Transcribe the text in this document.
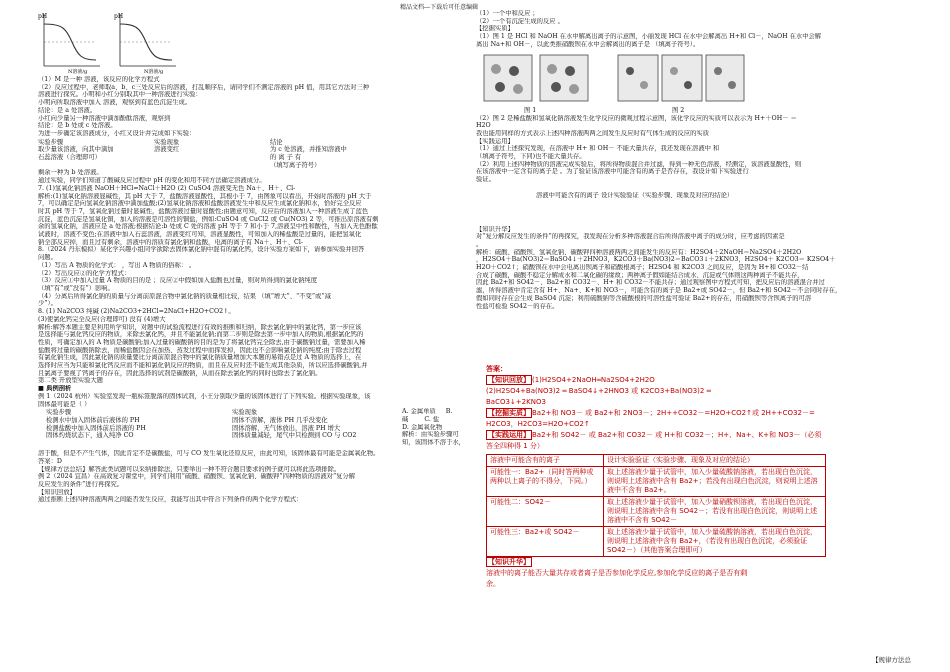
精品文档---下载后可任意编辑
pH
N溶液/g
pH
N溶液/g
（1）M 是一种 溶液，该反应的化学方程式
（2）反应过程中，老师取a、b、c三处反应后的溶液，打乱顺序后，请同学们不测定溶液的 pH 值，用其它方法对三种
溶液进行探究。小明和小红分别取其中一种溶液进行实验：
小明向所取溶液中加入 溶液，观察到有蓝色沉淀生成。
结论：是 a 处溶液。
小红向少量另一种溶液中滴加酚酞溶液，观察到
结论：是 b 处或 c 处溶液。
为进一步确定该溶液成分，小红又设计并完成如下实验：
实验步骤	实验现象	结论
取少量该溶液，向其中滴加	溶液变红	为 c 处溶液，并推知溶液中
石蕊溶液（合理即可）		的 离 子 有
		（填写离子符号）
剩余一种为 b 处溶液。
通过实验，同学们知道了酸碱反应过程中 pH 的变化和用不同方法确定溶液成分。
7. (1)氢氧化钠溶液 NaOH＋HCl=NaCl＋H2O (2) CuSO4 溶液变无色 Na＋、H＋、Cl-
解析:(1)氢氧化钠溶液显碱性，其 pH 大于 7，盐酸溶液显酸性，其根小于 7，由图象可以看出，开始时溶液的 pH 大于
7，可以确定是向氢氧化钠溶液中滴加盐酸;(2)氢氧化钠溶液和盐酸溶液发生中和反应生成氯化钠和水，恰好完全反应
时其 pH 等于 7，氢氧化钠过量时显碱性，盐酸溶液过量时显酸性;由题意可知，反应后的溶液加入一种溶液生成了蓝色
沉淀，蓝色沉淀是氢氧化铜，加入的溶液是可溶性的铜盐，例如:CuSO4 或 CuCl2 或 Cu(NO3) 2 等，可推出原溶液有剩
余的氢氧化钠，溶液应是 a 处溶液;根据结论:b 处或 C 处的溶液 pH 等于 7 和小于 7,溶液呈中性和酸性，当加入无色酚酞
试液时，溶液不变色;在溶液中加入石蕊溶液，溶液变红可知，溶液显酸性，可知加入的稀盐酸是过量的，能把氢氧化
钠全部反应掉，而且过有剩余，溶液中的溶质有氯化钠和盐酸，电离的离子有 Na＋、H＋、Cl-
8.（2024 丹东模拟）某化学兴趣小组同学欲除去固体氯化钠中混有的氯化钙，设计实验方案如下，请参加实验并回答
问题。
（1）写出 A 物质的化学式： ，写出 A 物质的俗称： 。
（2）写出反应②的化学方程式：
（3）反应①中加入过量 A 物质的目的是 ；反应②中假如加入盐酸也过量，则对所得到的氯化钠纯度
（填“有”或“没有”）影响。
（4）分离后所得氯化钠的质量与分离前原混合物中氯化钠的质量相比较，结果 （填“增大”、“不变”或“减
少”）。
8. (1) Na2CO3 纯碱 (2)Na2CO3+2HCl=2NaCl+H2O+CO2↑。
(3)使氯化钙完全反应(合理即可) 没有 (4)增大
解析:解答本题主要是利用所学知识，对题中的试验流程进行有效的推断和归纳，除去氯化钠中的氯化钙，第一步应该
是选择能与氯化钙反应的物质，来除去氯化钙，并且不能氯化钠;而第二步则是除去第一步中加入的物质,根据氯化钙的
性质，可确定加入的 A 物质是碳酸钠;加入过量的碳酸钠的目的是为了将氯化钙完全除去,由于碳酸钠过量，需要加入稀
盐酸将过量的碳酸钠除去，而稀盐酸因会在加热、蒸发过程中而挥发掉，因此也不会影响氯化钠的纯度;由于除去过程
有氯化钠生成，因此氯化钠的质量要比分离前原混合物中的氯化钠质量增加大本题的易错点是过 A 物质的选择上，在
选择时应当为只能和氯化钙反应而不能和氯化钠反应的物质，而且在反应时还不能生成其他杂质，所以应选择碳酸钠,并
且氯离子要视了钙离子的存在，因此选择的试剂是碳酸钠，从而在除去氯化钙的同时也除去了氯化钠。
第二类 开放型实验大题
■ 典例剖析
例 1（2024 杭州）实验室发现一瓶标签脱落的固体试剂，小王分别取少量的该固体进行了下列实验。根据实验现象，该
固体最可能是（ ）
实验步骤	实验现象
检测水中加入固体前后液体的 PH	固体不溶解，液体 PH 几乎没变化
检测盐酸中加入固体前后溶液的 PH	固体溶解，无气体放出，溶液 PH 增大
固体灼烧状态下，通入纯净 CO	固体质量减轻，尾气中只检测到 CO 与 CO2
A. 金属单质 B.
碱	C. 盐
D. 金属氧化物
解析：由实验步骤可
知，该固体不溶于水，
溶于酸，但是不产生气体，因此肯定不是碳酸盐，可与 CO 发生氧化还原反应，由此可知，该固体最有可能是金属氧化物。
答案：D
【规律方法总结】解答此类试题可以采纳排除法，只要举出一种不符合题目要求的例子就可以将此选项排除。
例 2（2024 宜昌）在高效复习课堂中，同学们利用“硫酸、硝酸钡、氢氧化钠、碳酸钾”四种物质的溶液对“复分解
反应发生的条件”进行再探究。
【知识回放】
通过推断上述四种溶液两两之间能否发生反应，我能写出其中符合下列条件的两个化学方程式：
（1）一个中和反应 ；
（2）一个有沉淀生成的反应 。
【挖掘实质】
（1）图 1 是 HCl 和 NaOH 在水中解离出离子的示意图，小丽发现 HCl 在水中会解离出 H+和 Cl－，NaOH 在水中会解
离出 Na+和 OH－，以此类推硝酸钡在水中会解离出的离子是 （填离子符号）。
图 1	图 2
（2）图 2 是稀盐酸和氢氧化钠溶液发生化学反应的微观过程示意图，该化学反应的实质可以表示为 H+＋OH－ ＝
H2O
我也能用同样的方式表示上述四种溶液两两之间发生反应时有气体生成的反应的实质
【实践运用】
（1）通过上述探究发现，在溶液中 H+ 和 OH－ 不能大量共存，我还发现在溶液中 和
（填离子符号，下同)也不能大量共存。
（2）利用上述四种物质的溶液完成实验后，将所得物质混合并过滤，得到一种无色溶液，经测定，该溶液显酸性，则
在该溶液中一定含有的离子是 。为了验证该溶液中可能含有的离子是否存在，我设计如下实验进行
验证。
溶液中可能含有的离子 设计实验验证（实验步骤、现象及对应的结论）
【知识升华】
对“复分解反应发生的条件”的再探究，我发现在分析多种溶液混合后所得溶液中离子的成分时，应考虑的因素是
。
解析：硫酸、硝酸钡、氢氧化钠、碳酸钾四种溶液两两之间能发生的反应有：H2SO4＋2NaOH＝Na2SO4＋2H2O
，H2SO4＋Ba(NO3)2＝BaSO4↓＋2HNO3，K2CO3＋Ba(NO3)2＝BaCO3↓＋2KNO3，H2SO4＋ K2CO3＝ K2SO4＋
H2O＋CO2↑；硝酸钡在水中会电离出钡离子和硝酸根离子；H2SO4 和 K2CO3 之间反应，是因为 H+和 CO32－结
合成了碳酸，碳酸不稳定分解成水和二氧化碳的缘故；两种离子假如能结合成水、沉淀或气体则这两种离子不能共存，
因此 Ba2+和 SO42－、Ba2+和 CO32－、H+ 和 CO32－不能共存；通过观察图中方程式可知，把反应后的溶液混合并过
滤，所得溶液中肯定含有 H+、Na+、K+和 NO3－，可能含有的离子是 Ba2+或 SO42－，但 Ba2+和 SO42－不会同时存在，
假如同时存在会生成 BaSO4 沉淀；利用硫酸钠等含硫酸根的可溶性盐可验证 Ba2+的存在，用硝酸钡等含钡离子的可溶
性盐可检验 SO42－的存在。
答案：
【知识回放】 (1)H2SO4+2NaOH═Na2SO4+2H2O
(2)H2SO4+Ba(NO3)2 ═ BaSO4↓+2HNO3 或 K2CO3+Ba(NO3)2 ═
BaCO3↓+2KNO3
【挖掘实质】 Ba2+和 NO3－ 或 Ba2+和 2NO3－；2H++CO32－=H2O+CO2↑或 2H++CO32－=
H2CO3，H2CO3=H2O+CO2↑
【实践运用】 Ba2+和 SO42－ 或 Ba2+和 CO32－ 或 H+和 CO32－；H+、Na+、K+和 NO3－（必须
答全四种得 1 分）
溶液中可能含有的离子	设计实验验证（实验步骤、现象及对应的结论）
可能性一：Ba2+（同时答两种或两种以上离子的不得分，下同。）	取上述溶液少量于试管中，加入少量硫酸钠溶液，若出现白色沉淀，则说明上述溶液中含有 Ba2+；若没有出现白色沉淀，则说明上述溶液中不含有 Ba2+。
可能性二：SO42－	取上述溶液少量于试管中，加入少量硝酸钡溶液，若出现白色沉淀，则说明上述溶液中含有 SO42－；若没有出现白色沉淀，则说明上述溶液中不含有 SO42－
可能性三：Ba2+或 SO42－	取上述溶液少量于试管中，加入少量硫酸钠溶液，若出现白色沉淀，则说明上述溶液中含有 Ba2+，（若没有出现白色沉淀，必须验证 SO42－）（其他答案合理即可）
【知识升华】
溶液中的离子能否大量共存或者离子是否参加化学反应,参加化学反应的离子是否有剩
余。
【规律方法总
